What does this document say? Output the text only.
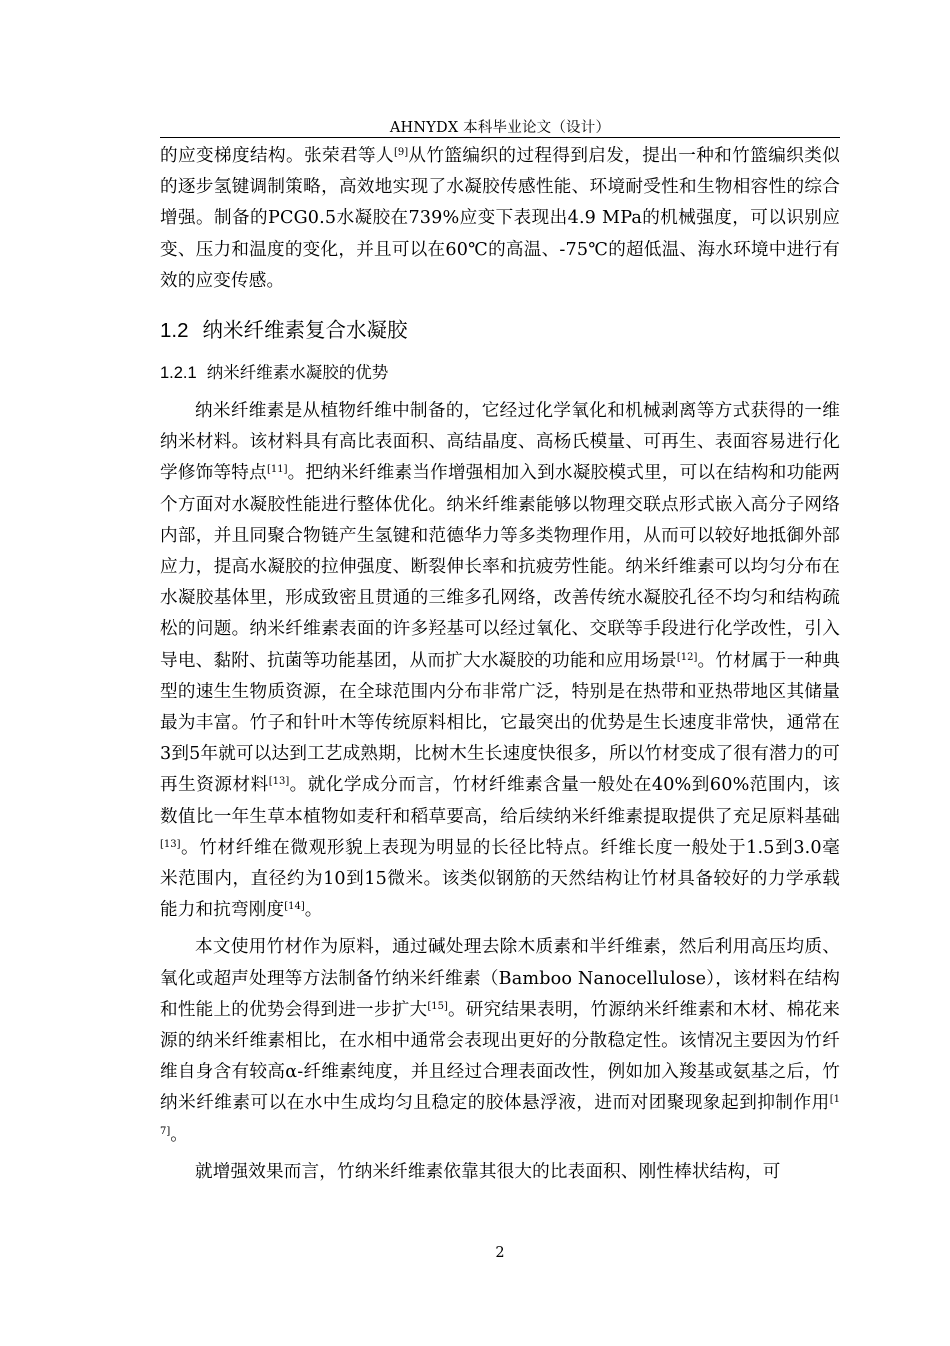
AHNYDX 本科毕业论文（设计）

的应变梯度结构。张荣君等人[9]从竹篮编织的过程得到启发，提出一种和竹篮编织类似的逐步氢键调制策略，高效地实现了水凝胶传感性能、环境耐受性和生物相容性的综合增强。制备的PCG0.5水凝胶在739%应变下表现出4.9 MPa的机械强度，可以识别应变、压力和温度的变化，并且可以在60℃的高温、-75℃的超低温、海水环境中进行有效的应变传感。

1.2 纳米纤维素复合水凝胶
1.2.1 纳米纤维素水凝胶的优势

纳米纤维素是从植物纤维中制备的，它经过化学氧化和机械剥离等方式获得的一维纳米材料。该材料具有高比表面积、高结晶度、高杨氏模量、可再生、表面容易进行化学修饰等特点[11]。把纳米纤维素当作增强相加入到水凝胶模式里，可以在结构和功能两个方面对水凝胶性能进行整体优化。纳米纤维素能够以物理交联点形式嵌入高分子网络内部，并且同聚合物链产生氢键和范德华力等多类物理作用，从而可以较好地抵御外部应力，提高水凝胶的拉伸强度、断裂伸长率和抗疲劳性能。纳米纤维素可以均匀分布在水凝胶基体里，形成致密且贯通的三维多孔网络，改善传统水凝胶孔径不均匀和结构疏松的问题。纳米纤维素表面的许多羟基可以经过氧化、交联等手段进行化学改性，引入导电、黏附、抗菌等功能基团，从而扩大水凝胶的功能和应用场景[12]。竹材属于一种典型的速生生物质资源，在全球范围内分布非常广泛，特别是在热带和亚热带地区其储量最为丰富。竹子和针叶木等传统原料相比，它最突出的优势是生长速度非常快，通常在3到5年就可以达到工艺成熟期，比树木生长速度快很多，所以竹材变成了很有潜力的可再生资源材料[13]。就化学成分而言，竹材纤维素含量一般处在40%到60%范围内，该数值比一年生草本植物如麦秆和稻草要高，给后续纳米纤维素提取提供了充足原料基础[13]。竹材纤维在微观形貌上表现为明显的长径比特点。纤维长度一般处于1.5到3.0毫米范围内，直径约为10到15微米。该类似钢筋的天然结构让竹材具备较好的力学承载能力和抗弯刚度[14]。

本文使用竹材作为原料，通过碱处理去除木质素和半纤维素，然后利用高压均质、氧化或超声处理等方法制备竹纳米纤维素（Bamboo Nanocellulose），该材料在结构和性能上的优势会得到进一步扩大[15]。研究结果表明，竹源纳米纤维素和木材、棉花来源的纳米纤维素相比，在水相中通常会表现出更好的分散稳定性。该情况主要因为竹纤维自身含有较高α-纤维素纯度，并且经过合理表面改性，例如加入羧基或氨基之后，竹纳米纤维素可以在水中生成均匀且稳定的胶体悬浮液，进而对团聚现象起到抑制作用[17]。

就增强效果而言，竹纳米纤维素依靠其很大的比表面积、刚性棒状结构，可

2
